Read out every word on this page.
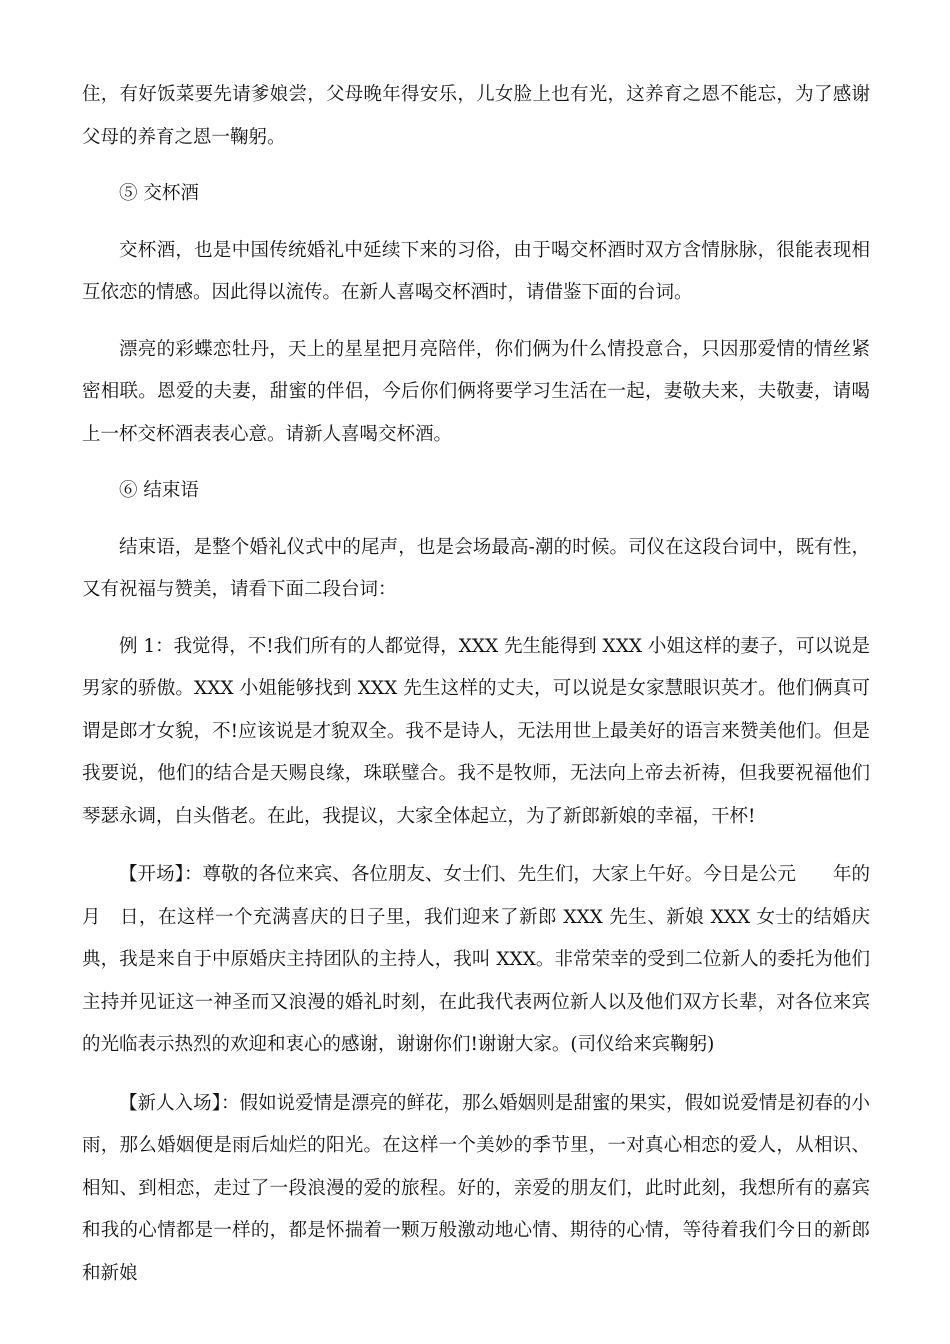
住，有好饭菜要先请爹娘尝，父母晚年得安乐，儿女脸上也有光，这养育之恩不能忘，为了感谢父母的养育之恩一鞠躬。

⑤ 交杯酒

交杯酒，也是中国传统婚礼中延续下来的习俗，由于喝交杯酒时双方含情脉脉，很能表现相互依恋的情感。因此得以流传。在新人喜喝交杯酒时，请借鉴下面的台词。

漂亮的彩蝶恋牡丹，天上的星星把月亮陪伴，你们俩为什么情投意合，只因那爱情的情丝紧密相联。恩爱的夫妻，甜蜜的伴侣，今后你们俩将要学习生活在一起，妻敬夫来，夫敬妻，请喝上一杯交杯酒表表心意。请新人喜喝交杯酒。

⑥ 结束语

结束语，是整个婚礼仪式中的尾声，也是会场最高-潮的时候。司仪在这段台词中，既有性，又有祝福与赞美，请看下面二段台词：

例 1：我觉得，不!我们所有的人都觉得，XXX 先生能得到 XXX 小姐这样的妻子，可以说是男家的骄傲。XXX 小姐能够找到 XXX 先生这样的丈夫，可以说是女家慧眼识英才。他们俩真可谓是郎才女貌，不!应该说是才貌双全。我不是诗人，无法用世上最美好的语言来赞美他们。但是我要说，他们的结合是天赐良缘，珠联璧合。我不是牧师，无法向上帝去祈祷，但我要祝福他们琴瑟永调，白头偕老。在此，我提议，大家全体起立，为了新郎新娘的幸福，干杯!

【开场】：尊敬的各位来宾、各位朋友、女士们、先生们，大家上午好。今日是公元　　年的月　日，在这样一个充满喜庆的日子里，我们迎来了新郎 XXX 先生、新娘 XXX 女士的结婚庆典，我是来自于中原婚庆主持团队的主持人，我叫 XXX。非常荣幸的受到二位新人的委托为他们主持并见证这一神圣而又浪漫的婚礼时刻，在此我代表两位新人以及他们双方长辈，对各位来宾的光临表示热烈的欢迎和衷心的感谢，谢谢你们!谢谢大家。(司仪给来宾鞠躬)

【新人入场】：假如说爱情是漂亮的鲜花，那么婚姻则是甜蜜的果实，假如说爱情是初春的小雨，那么婚姻便是雨后灿烂的阳光。在这样一个美妙的季节里，一对真心相恋的爱人，从相识、相知、到相恋，走过了一段浪漫的爱的旅程。好的，亲爱的朋友们，此时此刻，我想所有的嘉宾和我的心情都是一样的，都是怀揣着一颗万般激动地心情、期待的心情，等待着我们今日的新郎和新娘
